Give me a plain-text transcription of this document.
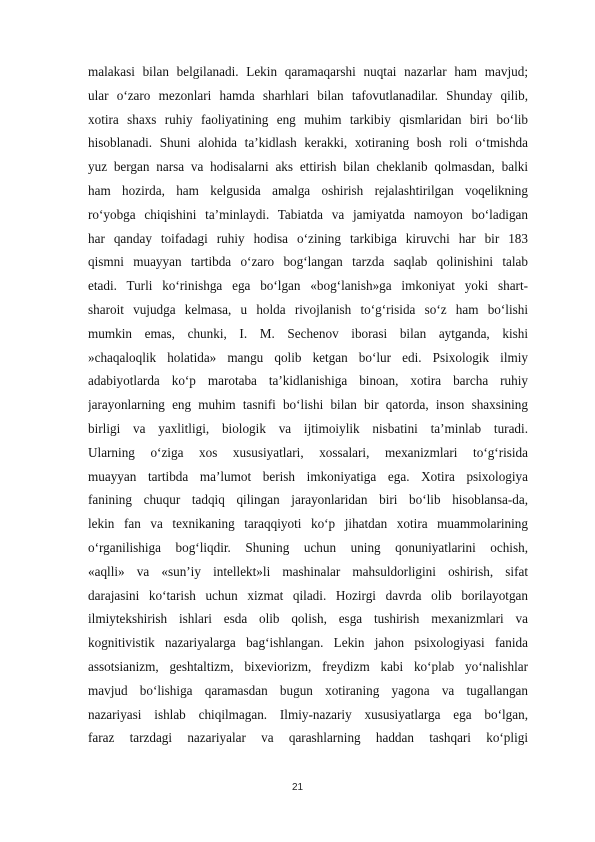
malakasi bilan belgilanadi. Lekin qaramaqarshi nuqtai nazarlar ham mavjud;
ular o‘zaro mezonlari hamda sharhlari bilan tafovutlanadilar. Shunday qilib,
xotira shaxs ruhiy faoliyatining eng muhim tarkibiy qismlaridan biri bo‘lib
hisoblanadi. Shuni alohida ta’kidlash kerakki, xotiraning bosh roli o‘tmishda
yuz bergan narsa va hodisalarni aks ettirish bilan cheklanib qolmasdan, balki
ham hozirda, ham kelgusida amalga oshirish rejalashtirilgan voqelikning
ro‘yobga chiqishini ta’minlaydi. Tabiatda va jamiyatda namoyon bo‘ladigan
har qanday toifadagi ruhiy hodisa o‘zining tarkibiga kiruvchi har bir 183
qismni muayyan tartibda o‘zaro bog‘langan tarzda saqlab qolinishini talab
etadi. Turli ko‘rinishga ega bo‘lgan «bog‘lanish»ga imkoniyat yoki shart-
sharoit vujudga kelmasa, u holda rivojlanish to‘g‘risida so‘z ham bo‘lishi
mumkin emas, chunki, I. M. Sechenov iborasi bilan aytganda, kishi
»chaqaloqlik holatida» mangu qolib ketgan bo‘lur edi. Psixologik ilmiy
adabiyotlarda ko‘p marotaba ta’kidlanishiga binoan, xotira barcha ruhiy
jarayonlarning eng muhim tasnifi bo‘lishi bilan bir qatorda, inson shaxsining
birligi va yaxlitligi, biologik va ijtimoiylik nisbatini ta’minlab turadi.
Ularning o‘ziga xos xususiyatlari, xossalari, mexanizmlari to‘g‘risida
muayyan tartibda ma’lumot berish imkoniyatiga ega. Xotira psixologiya
fanining chuqur tadqiq qilingan jarayonlaridan biri bo‘lib hisoblansa-da,
lekin fan va texnikaning taraqqiyoti ko‘p jihatdan xotira muammolarining
o‘rganilishiga bog‘liqdir. Shuning uchun uning qonuniyatlarini ochish,
«aqlli» va «sun’iy intellekt»li mashinalar mahsuldorligini oshirish, sifat
darajasini ko‘tarish uchun xizmat qiladi. Hozirgi davrda olib borilayotgan
ilmiytekshirish ishlari esda olib qolish, esga tushirish mexanizmlari va
kognitivistik nazariyalarga bag‘ishlangan. Lekin jahon psixologiyasi fanida
assotsianizm, geshtaltizm, bixeviorizm, freydizm kabi ko‘plab yo‘nalishlar
mavjud bo‘lishiga qaramasdan bugun xotiraning yagona va tugallangan
nazariyasi ishlab chiqilmagan. Ilmiy-nazariy xususiyatlarga ega bo‘lgan,
faraz tarzdagi nazariyalar va qarashlarning haddan tashqari ko‘pligi
21
